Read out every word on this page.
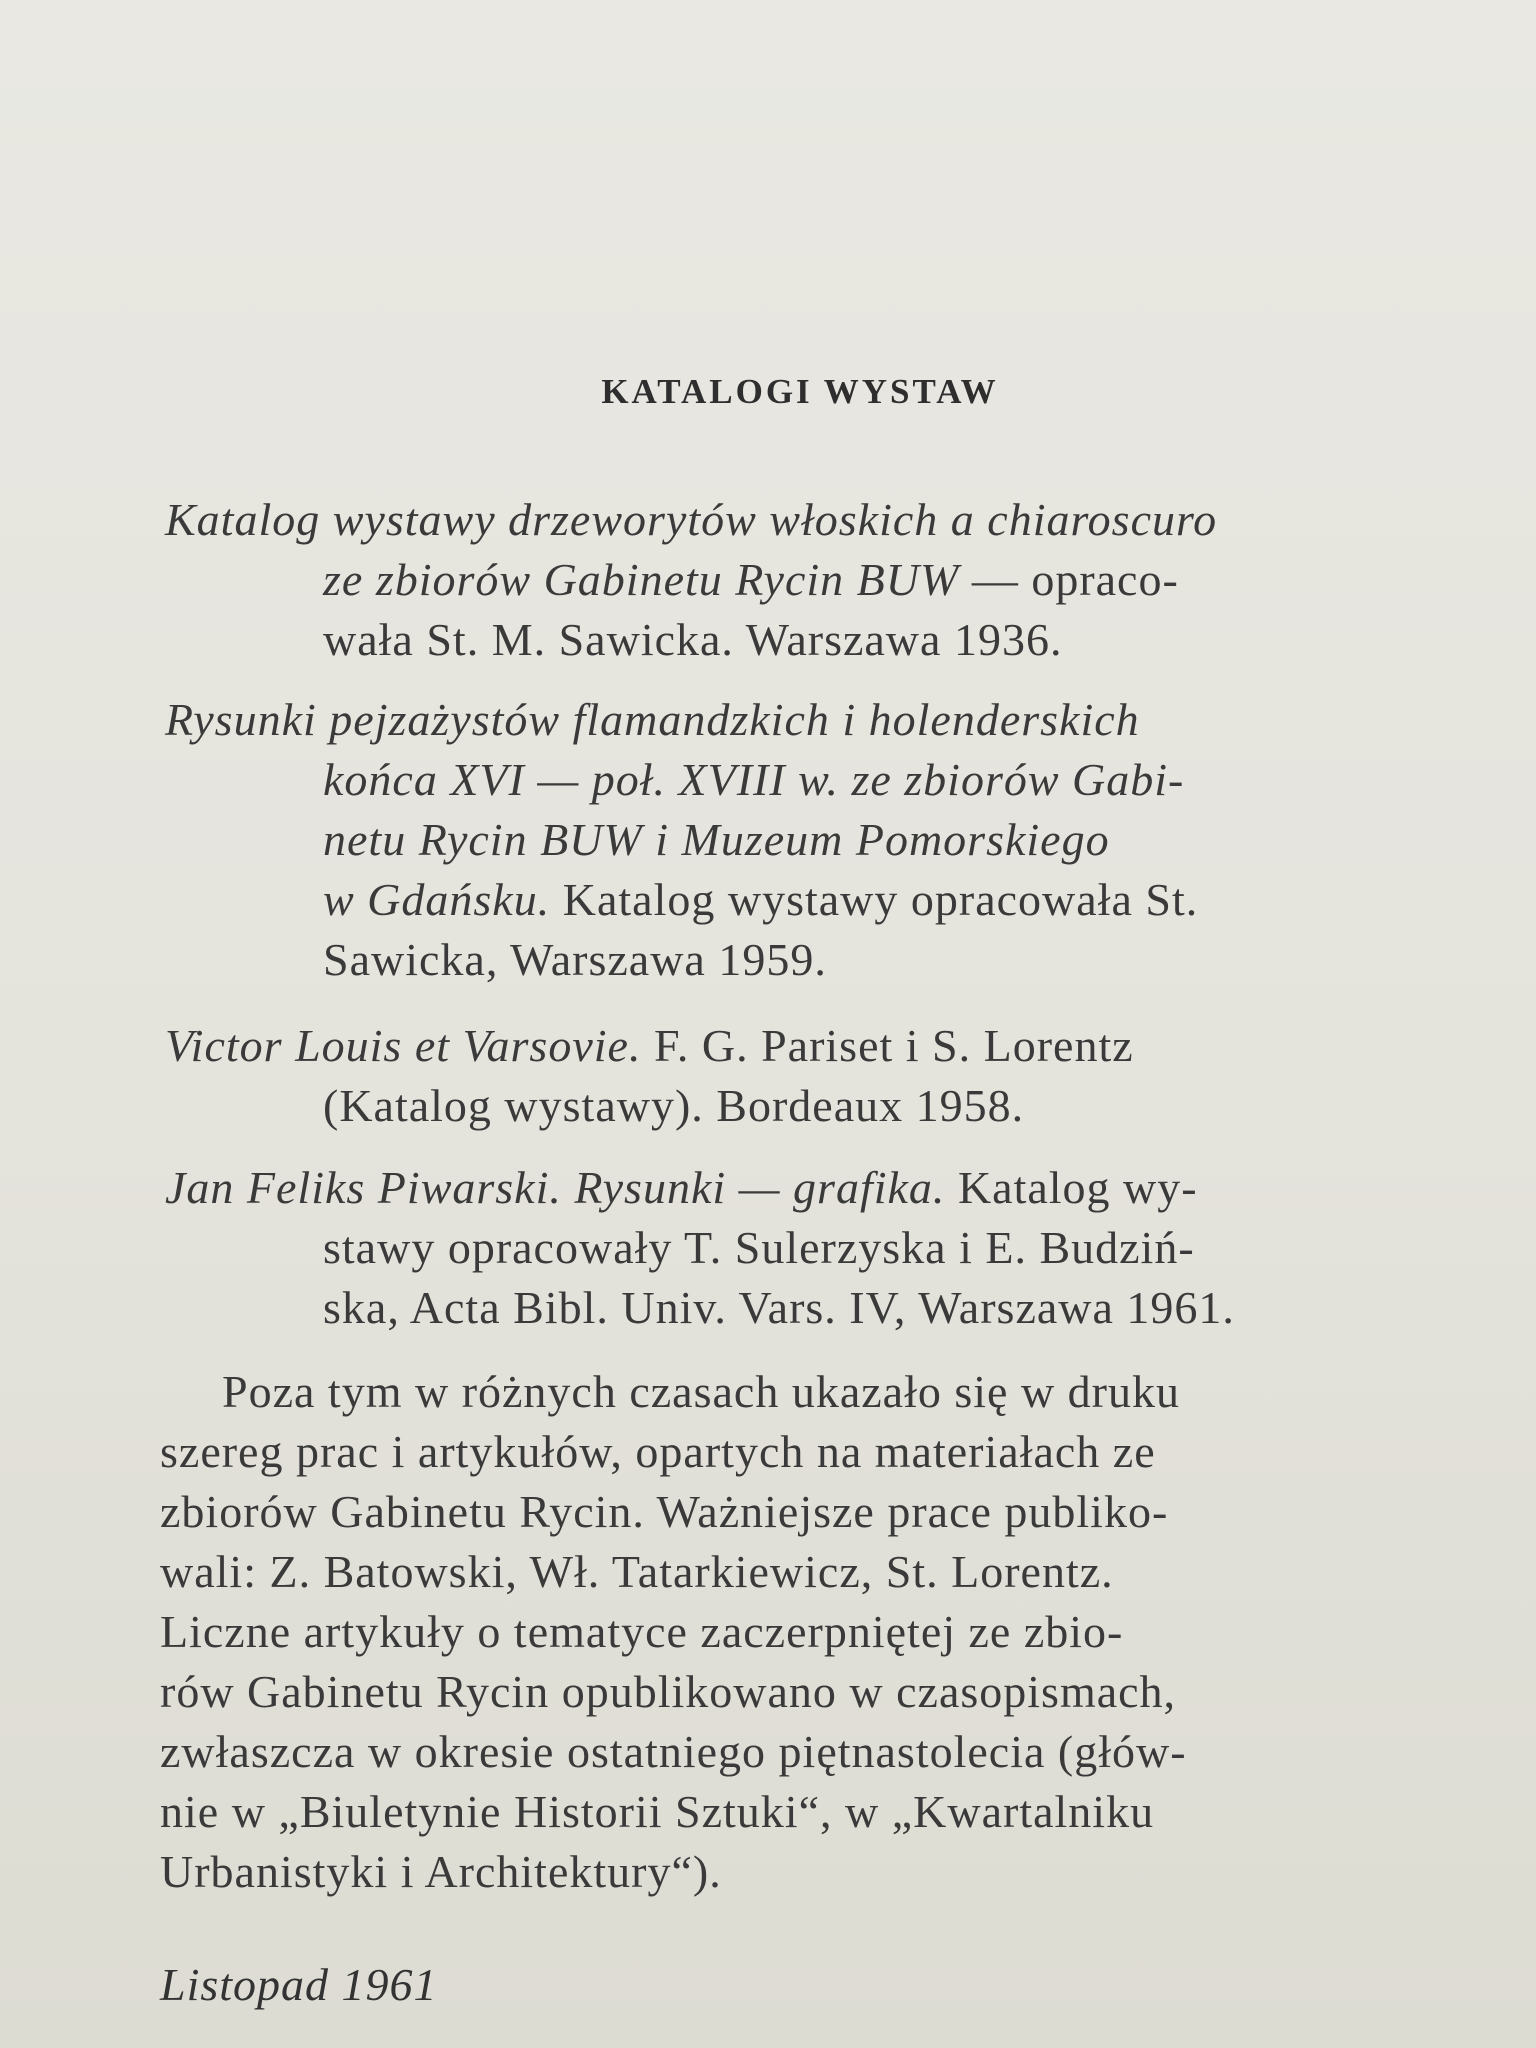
KATALOGI WYSTAW
Katalog wystawy drzeworytów włoskich a chiaroscuro
ze zbiorów Gabinetu Rycin BUW — opraco-
wała St. M. Sawicka. Warszawa 1936.
Rysunki pejzażystów flamandzkich i holenderskich
końca XVI — poł. XVIII w. ze zbiorów Gabi-
netu Rycin BUW i Muzeum Pomorskiego
w Gdańsku. Katalog wystawy opracowała St.
Sawicka, Warszawa 1959.
Victor Louis et Varsovie. F. G. Pariset i S. Lorentz
(Katalog wystawy). Bordeaux 1958.
Jan Feliks Piwarski. Rysunki — grafika. Katalog wy-
stawy opracowały T. Sulerzyska i E. Budziń-
ska, Acta Bibl. Univ. Vars. IV, Warszawa 1961.
Poza tym w różnych czasach ukazało się w druku
szereg prac i artykułów, opartych na materiałach ze
zbiorów Gabinetu Rycin. Ważniejsze prace publiko-
wali: Z. Batowski, Wł. Tatarkiewicz, St. Lorentz.
Liczne artykuły o tematyce zaczerpniętej ze zbio-
rów Gabinetu Rycin opublikowano w czasopismach,
zwłaszcza w okresie ostatniego piętnastolecia (głów-
nie w „Biuletynie Historii Sztuki“, w „Kwartalniku
Urbanistyki i Architektury“).
Listopad 1961
